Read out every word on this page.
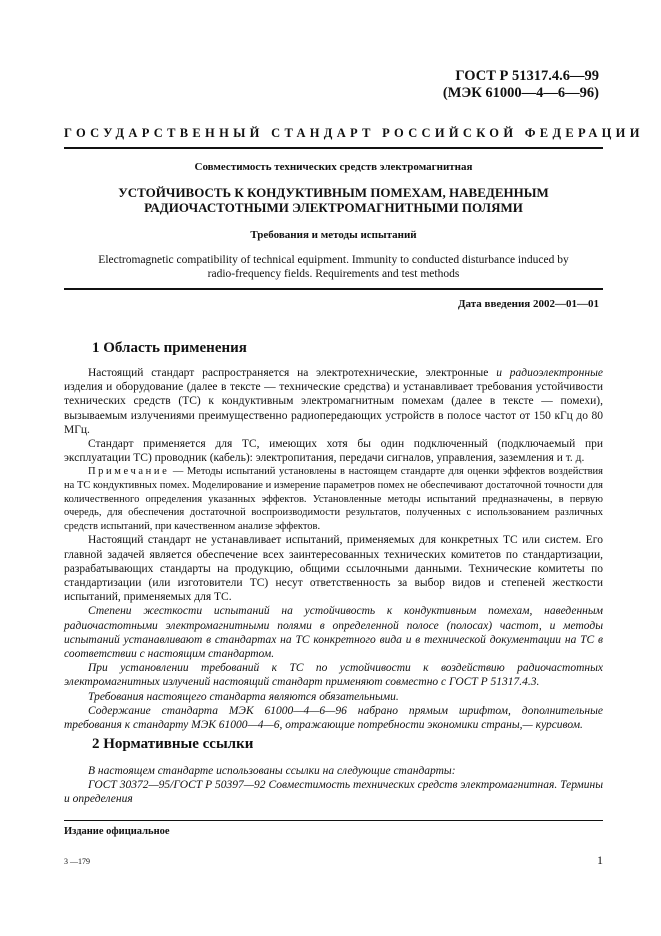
ГОСТ Р 51317.4.6—99
(МЭК 61000—4—6—96)
ГОСУДАРСТВЕННЫЙ СТАНДАРТ РОССИЙСКОЙ ФЕДЕРАЦИИ
Совместимость технических средств электромагнитная
УСТОЙЧИВОСТЬ К КОНДУКТИВНЫМ ПОМЕХАМ, НАВЕДЕННЫМ
РАДИОЧАСТОТНЫМИ ЭЛЕКТРОМАГНИТНЫМИ ПОЛЯМИ
Требования и методы испытаний
Electromagnetic compatibility of technical equipment. Immunity to conducted disturbance induced by
radio-frequency fields. Requirements and test methods
Дата введения 2002—01—01
1 Область применения

Настоящий стандарт распространяется на электротехнические, электронные и радиоэлектронные изделия и оборудование (далее в тексте — технические средства) и устанавливает требования устойчивости технических средств (ТС) к кондуктивным электромагнитным помехам (далее в тексте — помехи), вызываемым излучениями преимущественно радиопередающих устройств в полосе частот от 150 кГц до 80 МГц.

Стандарт применяется для ТС, имеющих хотя бы один подключенный (подключаемый при эксплуатации ТС) проводник (кабель): электропитания, передачи сигналов, управления, заземления и т. д.

Примечание — Методы испытаний установлены в настоящем стандарте для оценки эффектов воздействия на ТС кондуктивных помех. Моделирование и измерение параметров помех не обеспечивают достаточной точности для количественного определения указанных эффектов. Установленные методы испытаний предназначены, в первую очередь, для обеспечения достаточной воспроизводимости результатов, полученных с использованием различных средств испытаний, при качественном анализе эффектов.

Настоящий стандарт не устанавливает испытаний, применяемых для конкретных ТС или систем. Его главной задачей является обеспечение всех заинтересованных технических комитетов по стандартизации, разрабатывающих стандарты на продукцию, общими ссылочными данными. Технические комитеты по стандартизации (или изготовители ТС) несут ответственность за выбор видов и степеней жесткости испытаний, применяемых для ТС.

Степени жесткости испытаний на устойчивость к кондуктивным помехам, наведенным радиочастотными электромагнитными полями в определенной полосе (полосах) частот, и методы испытаний устанавливают в стандартах на ТС конкретного вида и в технической документации на ТС в соответствии с настоящим стандартом.

При установлении требований к ТС по устойчивости к воздействию радиочастотных электромагнитных излучений настоящий стандарт применяют совместно с ГОСТ Р 51317.4.3.

Требования настоящего стандарта являются обязательными.

Содержание стандарта МЭК 61000—4—6—96 набрано прямым шрифтом, дополнительные требования к стандарту МЭК 61000—4—6, отражающие потребности экономики страны,— курсивом.

2 Нормативные ссылки

В настоящем стандарте использованы ссылки на следующие стандарты:

ГОСТ 30372—95/ГОСТ Р 50397—92 Совместимость технических средств электромагнитная. Термины и определения

Издание официальное
3 —179	1
